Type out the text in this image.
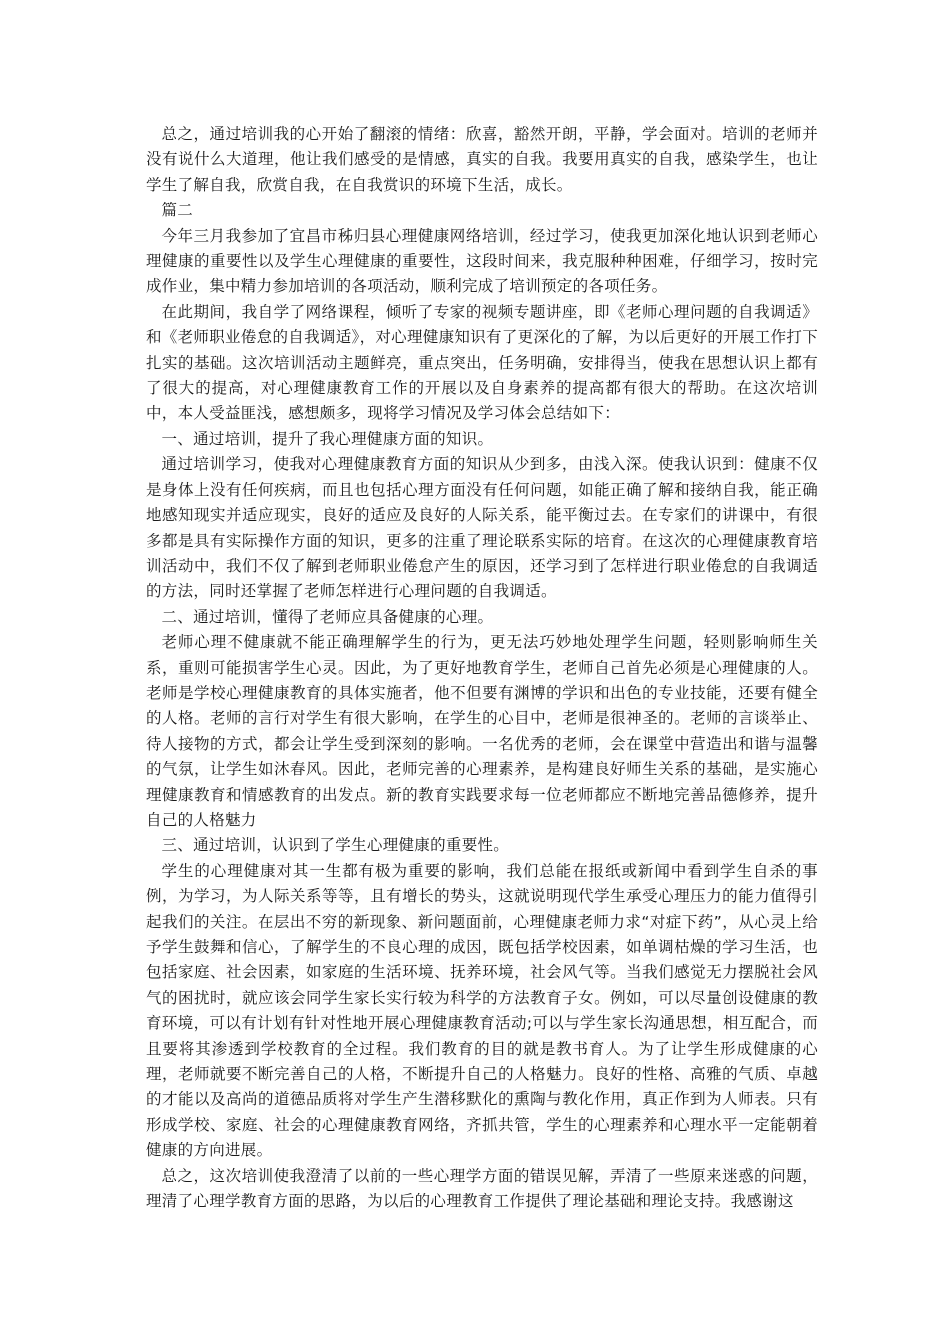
总之，通过培训我的心开始了翻滚的情绪：欣喜，豁然开朗，平静，学会面对。培训的老师并没有说什么大道理，他让我们感受的是情感，真实的自我。我要用真实的自我，感染学生，也让学生了解自我，欣赏自我，在自我赏识的环境下生活，成长。

篇二

今年三月我参加了宜昌市秭归县心理健康网络培训，经过学习，使我更加深化地认识到老师心理健康的重要性以及学生心理健康的重要性，这段时间来，我克服种种困难，仔细学习，按时完成作业，集中精力参加培训的各项活动，顺利完成了培训预定的各项任务。

在此期间，我自学了网络课程，倾听了专家的视频专题讲座，即《老师心理问题的自我调适》和《老师职业倦怠的自我调适》，对心理健康知识有了更深化的了解，为以后更好的开展工作打下扎实的基础。这次培训活动主题鲜亮，重点突出，任务明确，安排得当，使我在思想认识上都有了很大的提高，对心理健康教育工作的开展以及自身素养的提高都有很大的帮助。在这次培训中，本人受益匪浅，感想颇多，现将学习情况及学习体会总结如下：

一、通过培训，提升了我心理健康方面的知识。

通过培训学习，使我对心理健康教育方面的知识从少到多，由浅入深。使我认识到：健康不仅是身体上没有任何疾病，而且也包括心理方面没有任何问题，如能正确了解和接纳自我，能正确地感知现实并适应现实，良好的适应及良好的人际关系，能平衡过去。在专家们的讲课中，有很多都是具有实际操作方面的知识，更多的注重了理论联系实际的培育。在这次的心理健康教育培训活动中，我们不仅了解到老师职业倦怠产生的原因，还学习到了怎样进行职业倦怠的自我调适的方法，同时还掌握了老师怎样进行心理问题的自我调适。

二、通过培训，懂得了老师应具备健康的心理。

老师心理不健康就不能正确理解学生的行为，更无法巧妙地处理学生问题，轻则影响师生关系，重则可能损害学生心灵。因此，为了更好地教育学生，老师自己首先必须是心理健康的人。老师是学校心理健康教育的具体实施者，他不但要有渊博的学识和出色的专业技能，还要有健全的人格。老师的言行对学生有很大影响，在学生的心目中，老师是很神圣的。老师的言谈举止、待人接物的方式，都会让学生受到深刻的影响。一名优秀的老师，会在课堂中营造出和谐与温馨的气氛，让学生如沐春风。因此，老师完善的心理素养，是构建良好师生关系的基础，是实施心理健康教育和情感教育的出发点。新的教育实践要求每一位老师都应不断地完善品德修养，提升自己的人格魅力

三、通过培训，认识到了学生心理健康的重要性。

学生的心理健康对其一生都有极为重要的影响，我们总能在报纸或新闻中看到学生自杀的事例，为学习，为人际关系等等，且有增长的势头，这就说明现代学生承受心理压力的能力值得引起我们的关注。在层出不穷的新现象、新问题面前，心理健康老师力求“对症下药”，从心灵上给予学生鼓舞和信心，了解学生的不良心理的成因，既包括学校因素，如单调枯燥的学习生活，也包括家庭、社会因素，如家庭的生活环境、抚养环境，社会风气等。当我们感觉无力摆脱社会风气的困扰时，就应该会同学生家长实行较为科学的方法教育子女。例如，可以尽量创设健康的教育环境，可以有计划有针对性地开展心理健康教育活动;可以与学生家长沟通思想，相互配合，而且要将其渗透到学校教育的全过程。我们教育的目的就是教书育人。为了让学生形成健康的心理，老师就要不断完善自己的人格，不断提升自己的人格魅力。良好的性格、高雅的气质、卓越的才能以及高尚的道德品质将对学生产生潜移默化的熏陶与教化作用，真正作到为人师表。只有形成学校、家庭、社会的心理健康教育网络，齐抓共管，学生的心理素养和心理水平一定能朝着健康的方向进展。

总之，这次培训使我澄清了以前的一些心理学方面的错误见解，弄清了一些原来迷惑的问题，理清了心理学教育方面的思路，为以后的心理教育工作提供了理论基础和理论支持。我感谢这
